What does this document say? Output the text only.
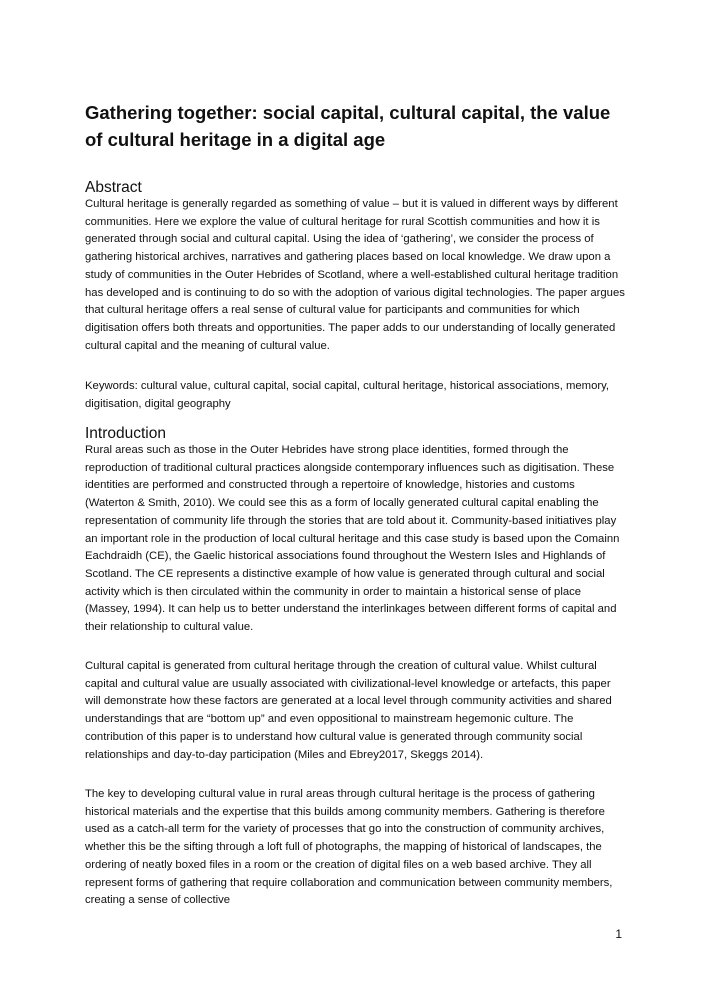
Gathering together: social capital, cultural capital, the value of cultural heritage in a digital age
Abstract

Cultural heritage is generally regarded as something of value – but it is valued in different ways by different communities. Here we explore the value of cultural heritage for rural Scottish communities and how it is generated through social and cultural capital. Using the idea of ‘gathering’, we consider the process of gathering historical archives, narratives and gathering places based on local knowledge. We draw upon a study of communities in the Outer Hebrides of Scotland, where a well-established cultural heritage tradition has developed and is continuing to do so with the adoption of various digital technologies. The paper argues that cultural heritage offers a real sense of cultural value for participants and communities for which digitisation offers both threats and opportunities. The paper adds to our understanding of locally generated cultural capital and the meaning of cultural value.

Keywords: cultural value, cultural capital, social capital, cultural heritage, historical associations, memory, digitisation, digital geography

Introduction

Rural areas such as those in the Outer Hebrides have strong place identities, formed through the reproduction of traditional cultural practices alongside contemporary influences such as digitisation. These identities are performed and constructed through a repertoire of knowledge, histories and customs (Waterton & Smith, 2010). We could see this as a form of locally generated cultural capital enabling the representation of community life through the stories that are told about it. Community-based initiatives play an important role in the production of local cultural heritage and this case study is based upon the Comainn Eachdraidh (CE), the Gaelic historical associations found throughout the Western Isles and Highlands of Scotland. The CE represents a distinctive example of how value is generated through cultural and social activity which is then circulated within the community in order to maintain a historical sense of place (Massey, 1994). It can help us to better understand the interlinkages between different forms of capital and their relationship to cultural value.

Cultural capital is generated from cultural heritage through the creation of cultural value. Whilst cultural capital and cultural value are usually associated with civilizational-level knowledge or artefacts, this paper will demonstrate how these factors are generated at a local level through community activities and shared understandings that are “bottom up” and even oppositional to mainstream hegemonic culture. The contribution of this paper is to understand how cultural value is generated through community social relationships and day-to-day participation (Miles and Ebrey2017, Skeggs 2014).

The key to developing cultural value in rural areas through cultural heritage is the process of gathering historical materials and the expertise that this builds among community members. Gathering is therefore used as a catch-all term for the variety of processes that go into the construction of community archives, whether this be the sifting through a loft full of photographs, the mapping of historical of landscapes, the ordering of neatly boxed files in a room or the creation of digital files on a web based archive. They all represent forms of gathering that require collaboration and communication between community members, creating a sense of collective

1
